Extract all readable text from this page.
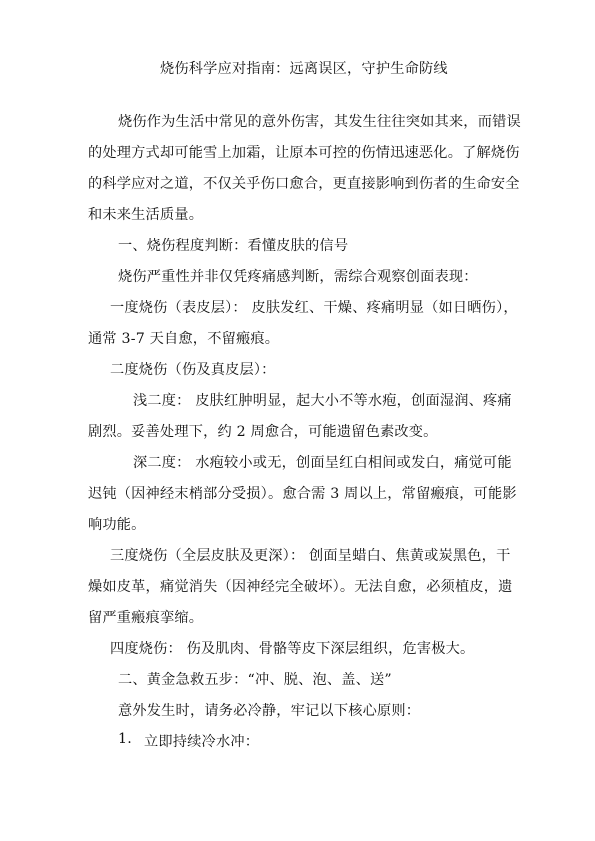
烧伤科学应对指南：远离误区，守护生命防线
烧伤作为生活中常见的意外伤害，其发生往往突如其来，而错误
的处理方式却可能雪上加霜，让原本可控的伤情迅速恶化。了解烧伤
的科学应对之道，不仅关乎伤口愈合，更直接影响到伤者的生命安全
和未来生活质量。
一、烧伤程度判断：看懂皮肤的信号
烧伤严重性并非仅凭疼痛感判断，需综合观察创面表现：
一度烧伤（表皮层）： 皮肤发红、干燥、疼痛明显（如日晒伤），
通常 3-7 天自愈，不留瘢痕。
二度烧伤（伤及真皮层）：
浅二度： 皮肤红肿明显，起大小不等水疱，创面湿润、疼痛
剧烈。妥善处理下，约 2 周愈合，可能遗留色素改变。
深二度： 水疱较小或无，创面呈红白相间或发白，痛觉可能
迟钝（因神经末梢部分受损）。愈合需 3 周以上，常留瘢痕，可能影
响功能。
三度烧伤（全层皮肤及更深）： 创面呈蜡白、焦黄或炭黑色，干
燥如皮革，痛觉消失（因神经完全破坏）。无法自愈，必须植皮，遗
留严重瘢痕挛缩。
四度烧伤： 伤及肌肉、骨骼等皮下深层组织，危害极大。
二、黄金急救五步：“冲、脱、泡、盖、送”
意外发生时，请务必冷静，牢记以下核心原则：
1. 立即持续冷水冲：
